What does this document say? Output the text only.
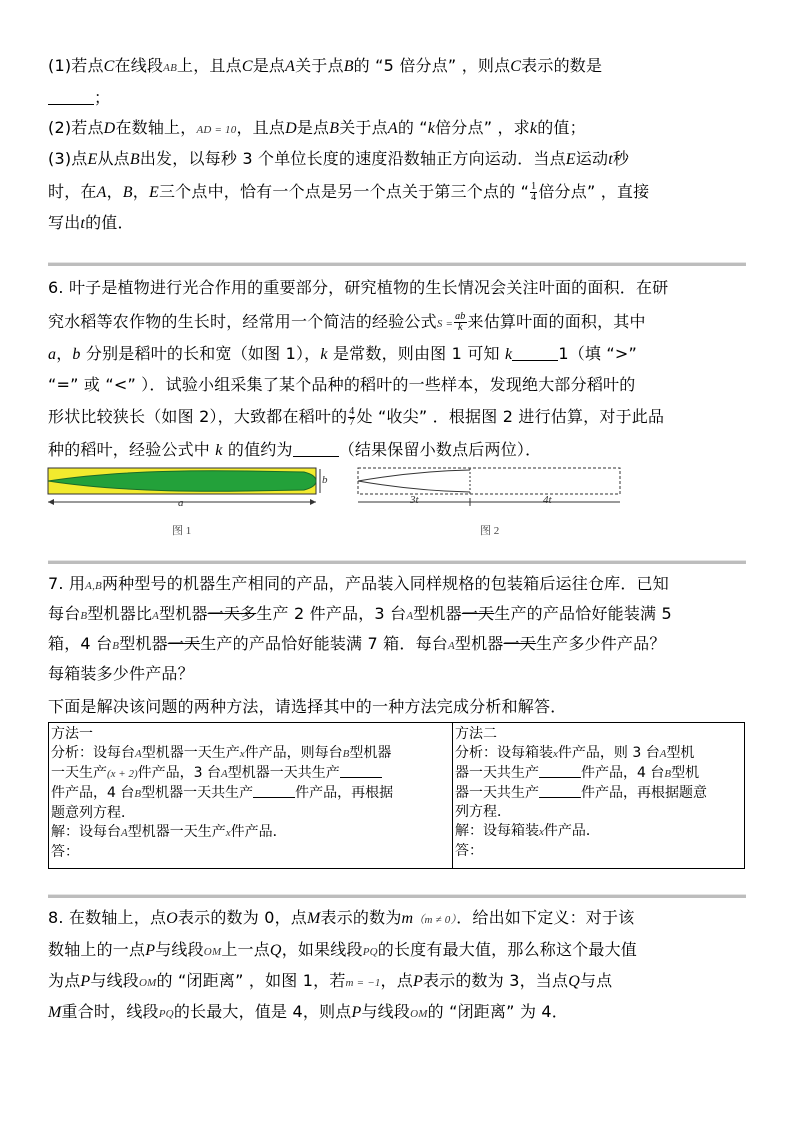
(1)若点C在线段AB上，且点C是点A关于点B的 “5 倍分点” ，则点C表示的数是
；
(2)若点D在数轴上，AD = 10，且点D是点B关于点A的 “k倍分点” ，求k的值；
(3)点E从点B出发，以每秒 3 个单位长度的速度沿数轴正方向运动．当点E运动t秒
时，在A，B，E三个点中，恰有一个点是另一个点关于第三个点的 “ $\frac{1}{4}$ 倍分点” ，直接
写出t的值．
6. 叶子是植物进行光合作用的重要部分，研究植物的生长情况会关注叶面的面积．在研
究水稻等农作物的生长时，经常用一个简洁的经验公式$S = \frac{ab}{k}$ 来估算叶面的面积，其中
a，b 分别是稻叶的长和宽（如图 1），k 是常数，则由图 1 可知 k	1（填 “>”
“=” 或 “<” ）．试验小组采集了某个品种的稻叶的一些样本，发现绝大部分稻叶的
形状比较狭长（如图 2），大致都在稻叶的 $\frac{4}{7}$ 处 “收尖” ．根据图 2 进行估算，对于此品
种的稻叶，经验公式中 k 的值约为	（结果保留小数点后两位）．
a
b
图 1
3t	4t
图 2
7. 用A,B两种型号的机器生产相同的产品，产品装入同样规格的包装箱后运往仓库．已知
每台B型机器比A型机器一天多生产 2 件产品，3 台A型机器一天生产的产品恰好能装满 5
箱，4 台B型机器一天生产的产品恰好能装满 7 箱．每台A型机器一天生产多少件产品？
每箱装多少件产品？
下面是解决该问题的两种方法，请选择其中的一种方法完成分析和解答．
方法一
分析：设每台A型机器一天生产x件产品，则每台B型机器
一天生产(x + 2)件产品，3 台A型机器一天共生产
件产品，4 台B型机器一天共生产	件产品，再根据
题意列方程．
解：设每台A型机器一天生产x件产品．
答：
方法二
分析：设每箱装x件产品，则 3 台A型机
器一天共生产	件产品，4 台B型机
器一天共生产	件产品，再根据题意
列方程．
解：设每箱装x件产品．
答：
8. 在数轴上，点O表示的数为 0，点M表示的数为m（m ≠ 0）．给出如下定义：对于该
数轴上的一点P与线段OM上一点Q，如果线段PQ的长度有最大值，那么称这个最大值
为点P与线段OM的 “闭距离” ，如图 1，若m = −1，点P表示的数为 3，当点Q与点
M重合时，线段PQ的长最大，值是 4，则点P与线段OM的 “闭距离” 为 4．
